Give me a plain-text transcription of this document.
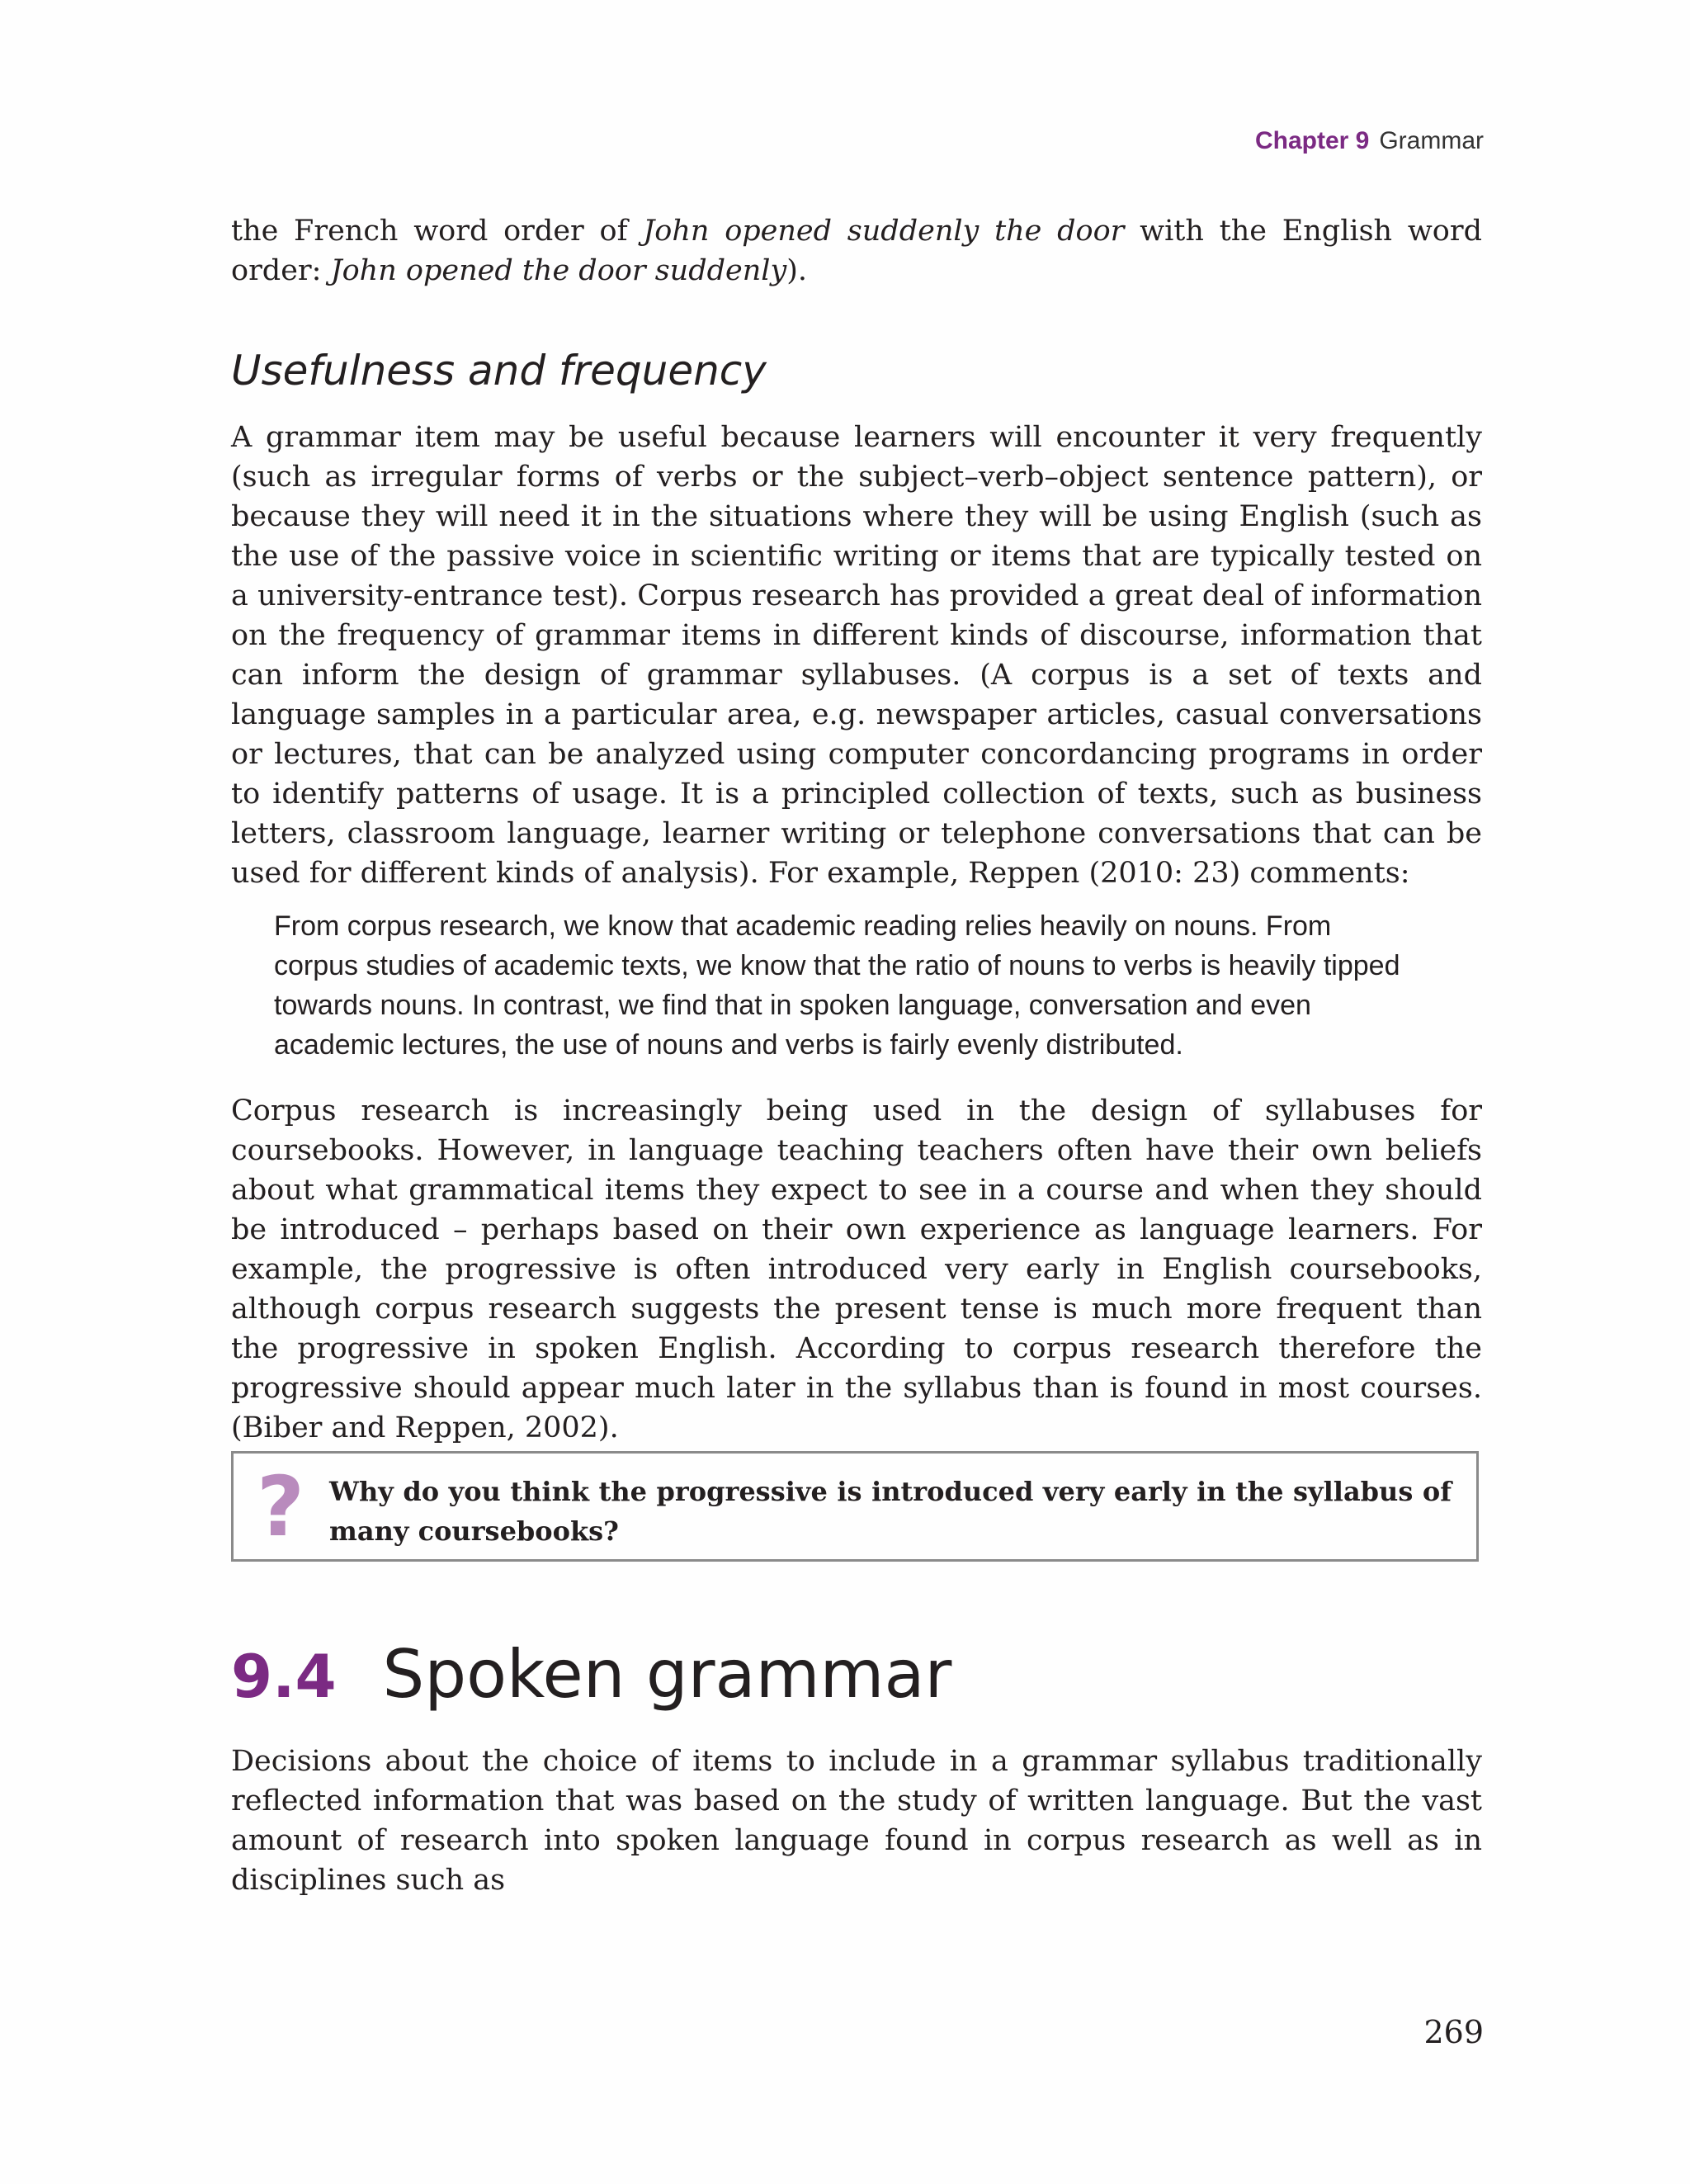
Chapter 9 Grammar

the French word order of John opened suddenly the door with the English word order: John opened the door suddenly).

Usefulness and frequency

A grammar item may be useful because learners will encounter it very frequently (such as irregular forms of verbs or the subject–verb–object sentence pattern), or because they will need it in the situations where they will be using English (such as the use of the passive voice in scientific writing or items that are typically tested on a university-entrance test). Corpus research has provided a great deal of information on the frequency of grammar items in different kinds of discourse, information that can inform the design of grammar syllabuses. (A corpus is a set of texts and language samples in a particular area, e.g. newspaper articles, casual conversations or lectures, that can be analyzed using computer concordancing programs in order to identify patterns of usage. It is a principled collection of texts, such as business letters, classroom language, learner writing or telephone conversations that can be used for different kinds of analysis). For example, Reppen (2010: 23) comments:

From corpus research, we know that academic reading relies heavily on nouns. From corpus studies of academic texts, we know that the ratio of nouns to verbs is heavily tipped towards nouns. In contrast, we find that in spoken language, conversation and even academic lectures, the use of nouns and verbs is fairly evenly distributed.

Corpus research is increasingly being used in the design of syllabuses for coursebooks. However, in language teaching teachers often have their own beliefs about what grammatical items they expect to see in a course and when they should be introduced – perhaps based on their own experience as language learners. For example, the progressive is often introduced very early in English coursebooks, although corpus research suggests the present tense is much more frequent than the progressive in spoken English. According to corpus research therefore the progressive should appear much later in the syllabus than is found in most courses.(Biber and Reppen, 2002).

? Why do you think the progressive is introduced very early in the syllabus of many coursebooks?

9.4 Spoken grammar

Decisions about the choice of items to include in a grammar syllabus traditionally reflected information that was based on the study of written language. But the vast amount of research into spoken language found in corpus research as well as in disciplines such as

269
